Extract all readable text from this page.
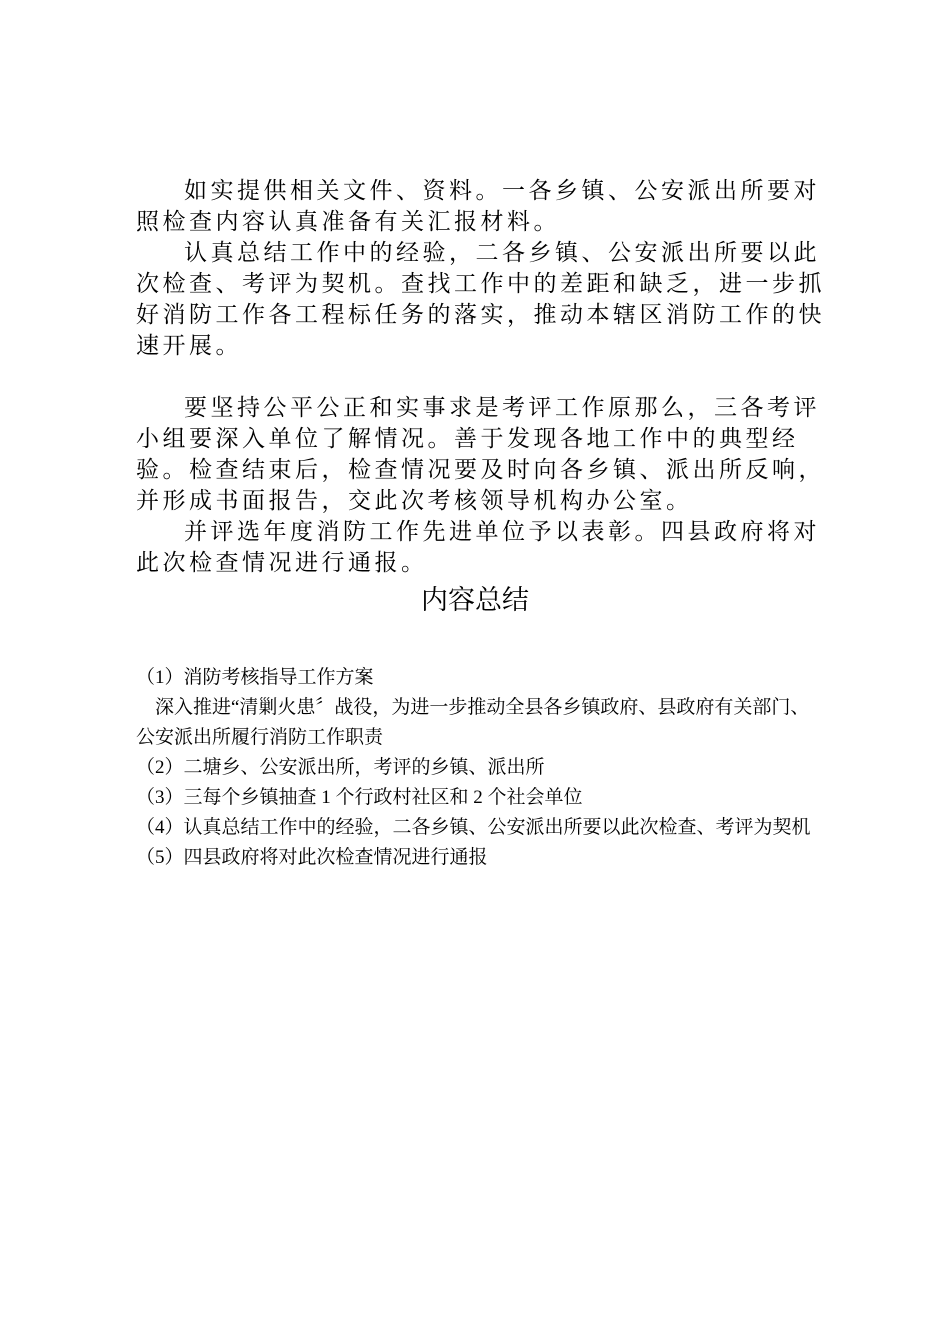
如实提供相关文件、资料。一各乡镇、公安派出所要对照检查内容认真准备有关汇报材料。

认真总结工作中的经验，二各乡镇、公安派出所要以此次检查、考评为契机。查找工作中的差距和缺乏，进一步抓好消防工作各工程标任务的落实，推动本辖区消防工作的快速开展。

要坚持公平公正和实事求是考评工作原那么，三各考评小组要深入单位了解情况。善于发现各地工作中的典型经验。检查结束后，检查情况要及时向各乡镇、派出所反响，并形成书面报告，交此次考核领导机构办公室。

并评选年度消防工作先进单位予以表彰。四县政府将对此次检查情况进行通报。

内容总结

（1）消防考核指导工作方案

深入推进“清剿火患〞战役，为进一步推动全县各乡镇政府、县政府有关部门、公安派出所履行消防工作职责

（2）二塘乡、公安派出所，考评的乡镇、派出所

（3）三每个乡镇抽查 1 个行政村社区和 2 个社会单位

（4）认真总结工作中的经验，二各乡镇、公安派出所要以此次检查、考评为契机

（5）四县政府将对此次检查情况进行通报
